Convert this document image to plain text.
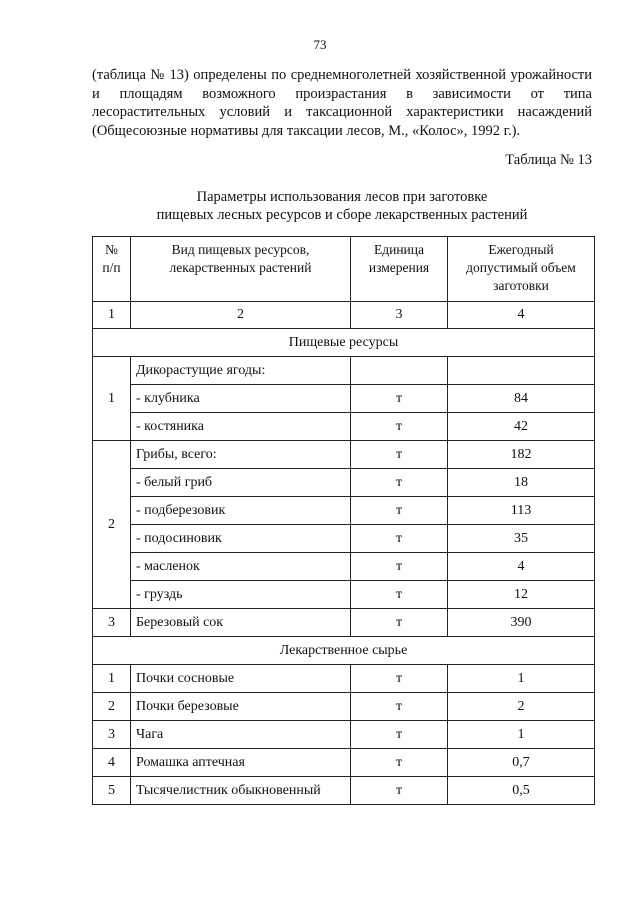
73

(таблица № 13) определены по среднемноголетней хозяйственной урожайности и площадям возможного произрастания в зависимости от типа лесорастительных условий и таксационной характеристики насаждений (Общесоюзные нормативы для таксации лесов, М., «Колос», 1992 г.).

Таблица № 13
Параметры использования лесов при заготовке
пищевых лесных ресурсов и сборе лекарственных растений
№ п/п	Вид пищевых ресурсов, лекарственных растений	Единица измерения	Ежегодный допустимый объем заготовки
1	2	3	4
Пищевые ресурсы			
1	Дикорастущие ягоды:		
	- клубника	т	84
	- костяника	т	42
2	Грибы, всего:	т	182
	- белый гриб	т	18
	- подберезовик	т	113
	- подосиновик	т	35
	- масленок	т	4
	- груздь	т	12
3	Березовый сок	т	390
Лекарственное сырье			
1	Почки сосновые	т	1
2	Почки березовые	т	2
3	Чага	т	1
4	Ромашка аптечная	т	0,7
5	Тысячелистник обыкновенный	т	0,5
